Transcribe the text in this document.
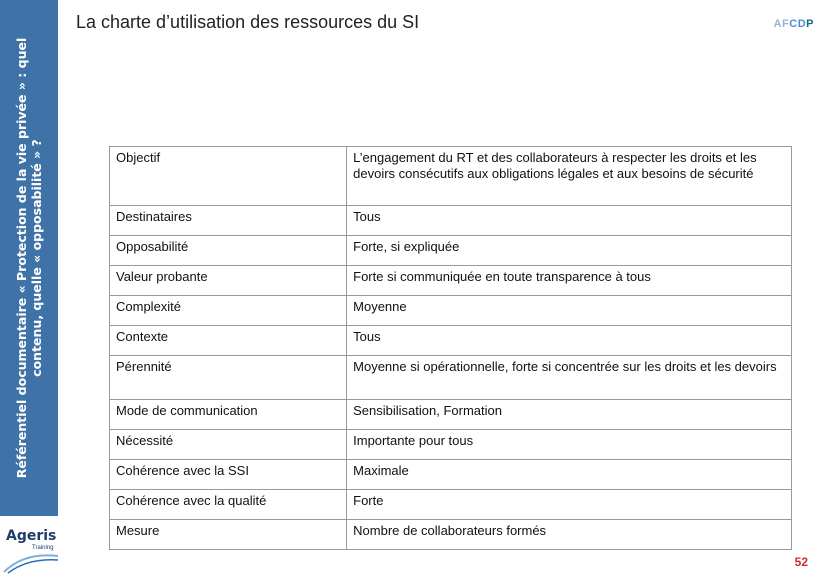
Référentiel documentaire « Protection de la vie privée » : quel contenu, quelle « opposabilité » ?
La charte d’utilisation des ressources du SI	AFCDP
Objectif	L’engagement du RT et des collaborateurs à respecter les droits et les devoirs consécutifs aux obligations légales et aux besoins de sécurité
Destinataires	Tous
Opposabilité	Forte, si expliquée
Valeur probante	Forte si communiquée en toute transparence à tous
Complexité	Moyenne
Contexte	Tous
Pérennité	Moyenne si opérationnelle, forte si concentrée sur les droits et les devoirs
Mode de communication	Sensibilisation, Formation
Nécessité	Importante pour tous
Cohérence avec la SSI	Maximale
Cohérence avec la qualité	Forte
Mesure	Nombre de collaborateurs formés
Ageris
Training
52
